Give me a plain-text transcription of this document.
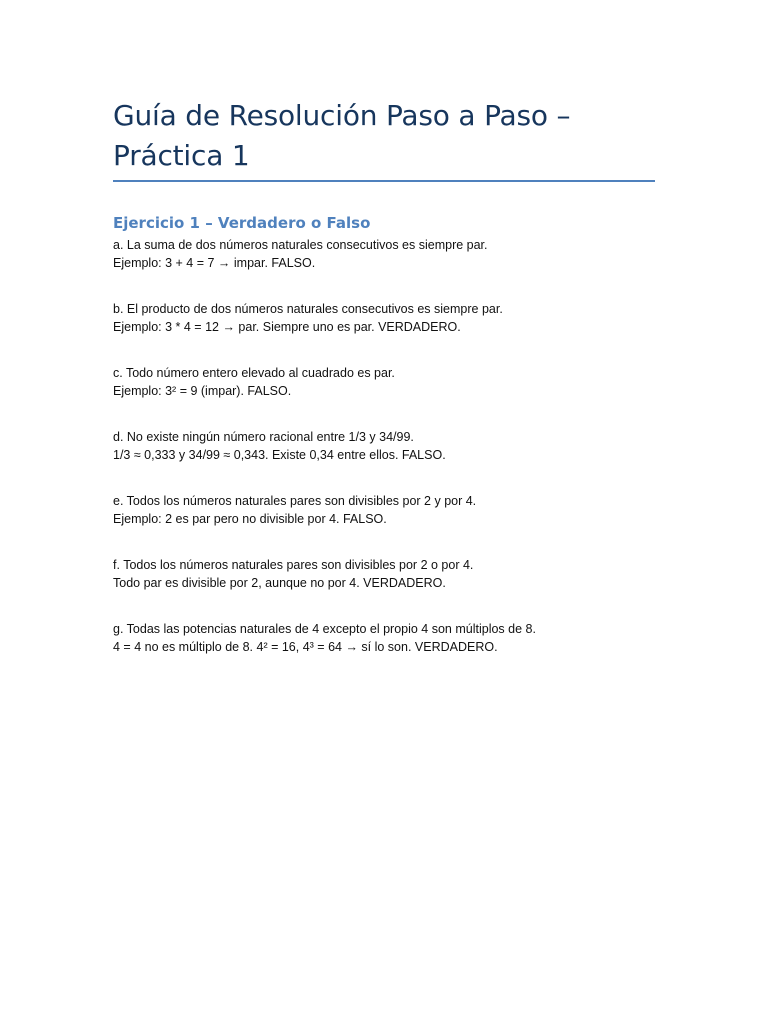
Guía de Resolución Paso a Paso –
Práctica 1
Ejercicio 1 – Verdadero o Falso
a. La suma de dos números naturales consecutivos es siempre par.
Ejemplo: 3 + 4 = 7 → impar. FALSO.
b. El producto de dos números naturales consecutivos es siempre par.
Ejemplo: 3 * 4 = 12 → par. Siempre uno es par. VERDADERO.
c. Todo número entero elevado al cuadrado es par.
Ejemplo: 3² = 9 (impar). FALSO.
d. No existe ningún número racional entre 1/3 y 34/99.
1/3 ≈ 0,333 y 34/99 ≈ 0,343. Existe 0,34 entre ellos. FALSO.
e. Todos los números naturales pares son divisibles por 2 y por 4.
Ejemplo: 2 es par pero no divisible por 4. FALSO.
f. Todos los números naturales pares son divisibles por 2 o por 4.
Todo par es divisible por 2, aunque no por 4. VERDADERO.
g. Todas las potencias naturales de 4 excepto el propio 4 son múltiplos de 8.
4 = 4 no es múltiplo de 8. 4² = 16, 4³ = 64 → sí lo son. VERDADERO.
